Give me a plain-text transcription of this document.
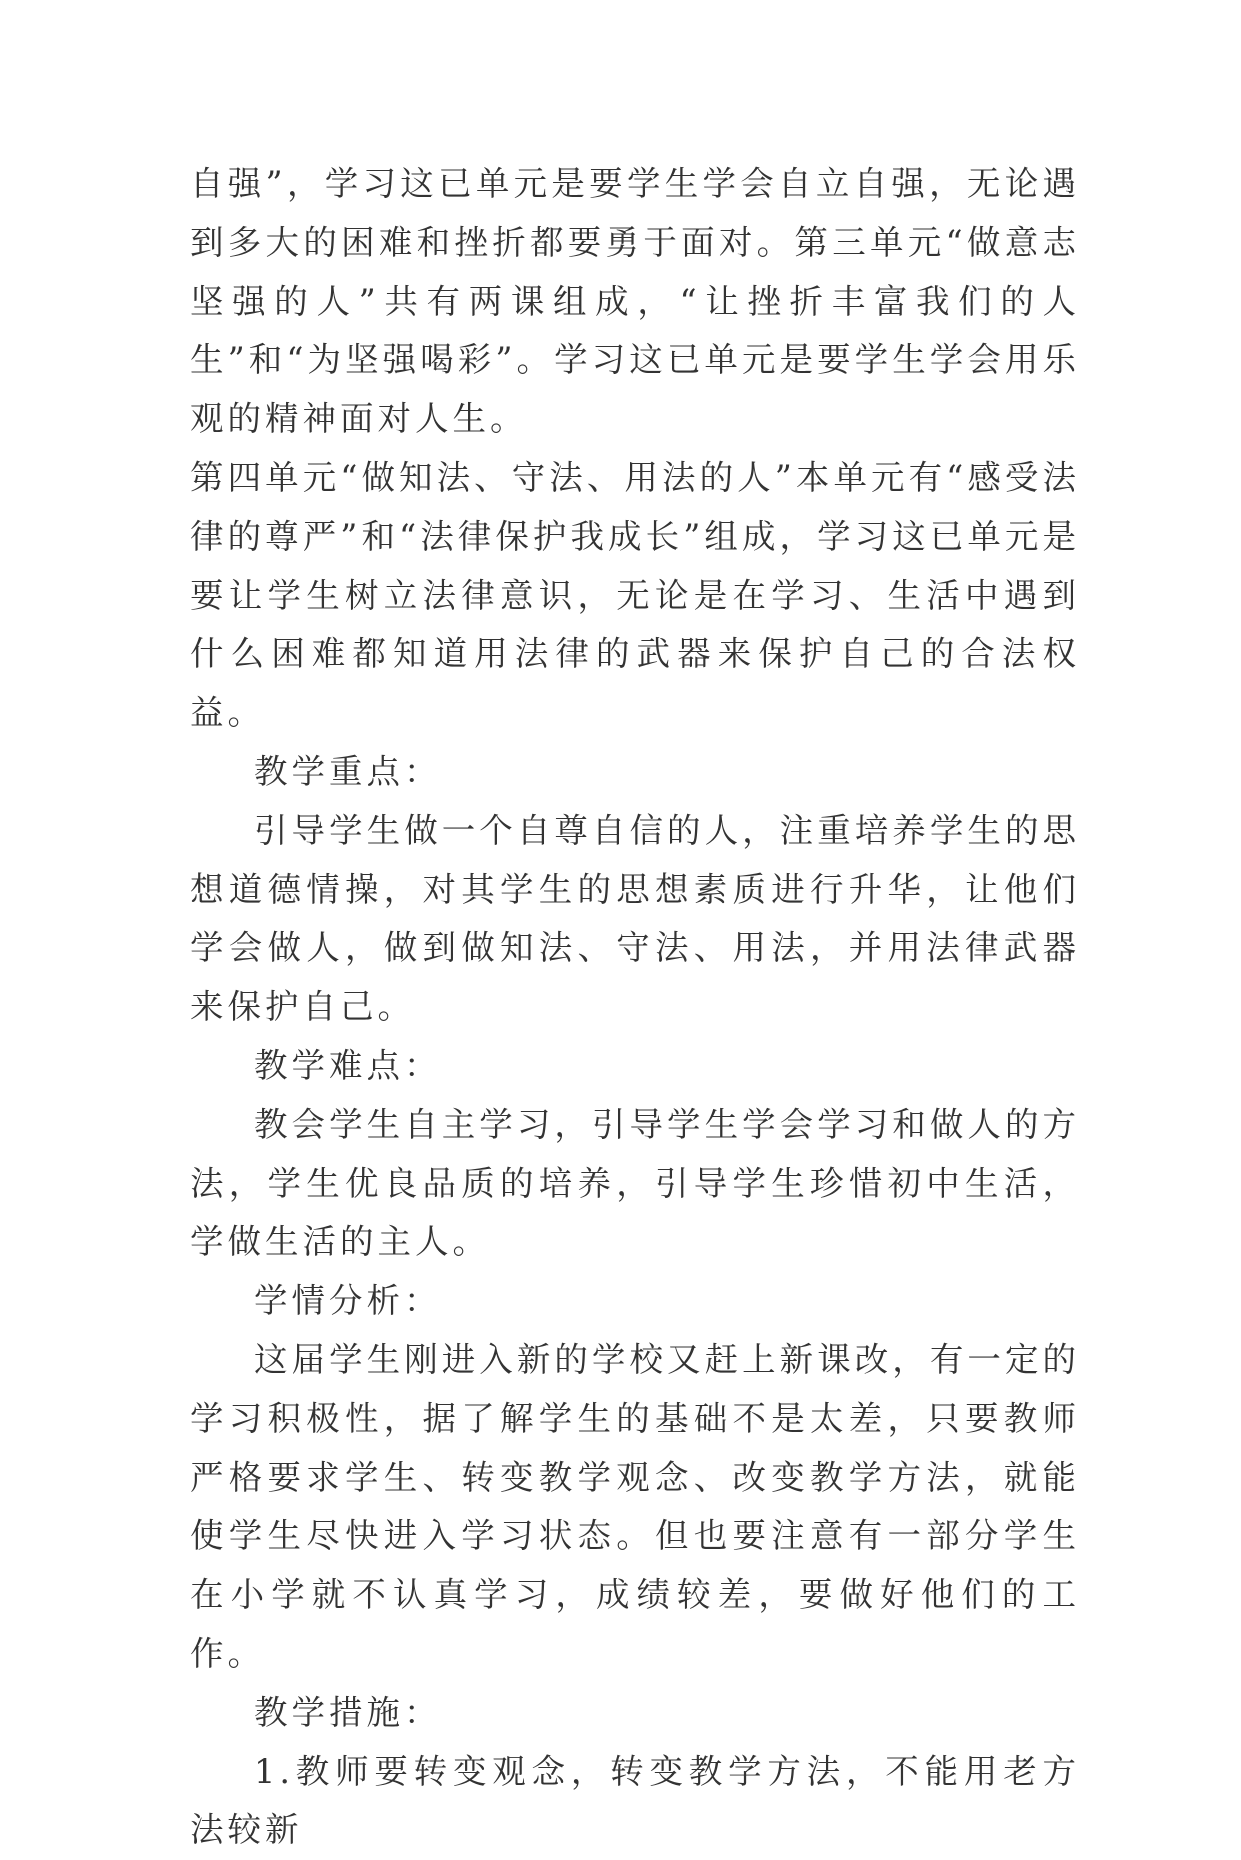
自强”，学习这已单元是要学生学会自立自强，无论遇到多大的困难和挫折都要勇于面对。第三单元“做意志坚强的人”共有两课组成，“让挫折丰富我们的人生”和“为坚强喝彩”。学习这已单元是要学生学会用乐观的精神面对人生。

第四单元“做知法、守法、用法的人”本单元有“感受法律的尊严”和“法律保护我成长”组成，学习这已单元是要让学生树立法律意识，无论是在学习、生活中遇到什么困难都知道用法律的武器来保护自己的合法权益。

教学重点：

引导学生做一个自尊自信的人，注重培养学生的思想道德情操，对其学生的思想素质进行升华，让他们学会做人，做到做知法、守法、用法，并用法律武器来保护自己。

教学难点：

教会学生自主学习，引导学生学会学习和做人的方法，学生优良品质的培养，引导学生珍惜初中生活，学做生活的主人。

学情分析：

这届学生刚进入新的学校又赶上新课改，有一定的学习积极性，据了解学生的基础不是太差，只要教师严格要求学生、转变教学观念、改变教学方法，就能使学生尽快进入学习状态。但也要注意有一部分学生在小学就不认真学习，成绩较差，要做好他们的工作。

教学措施：

1.教师要转变观念，转变教学方法，不能用老方法较新
